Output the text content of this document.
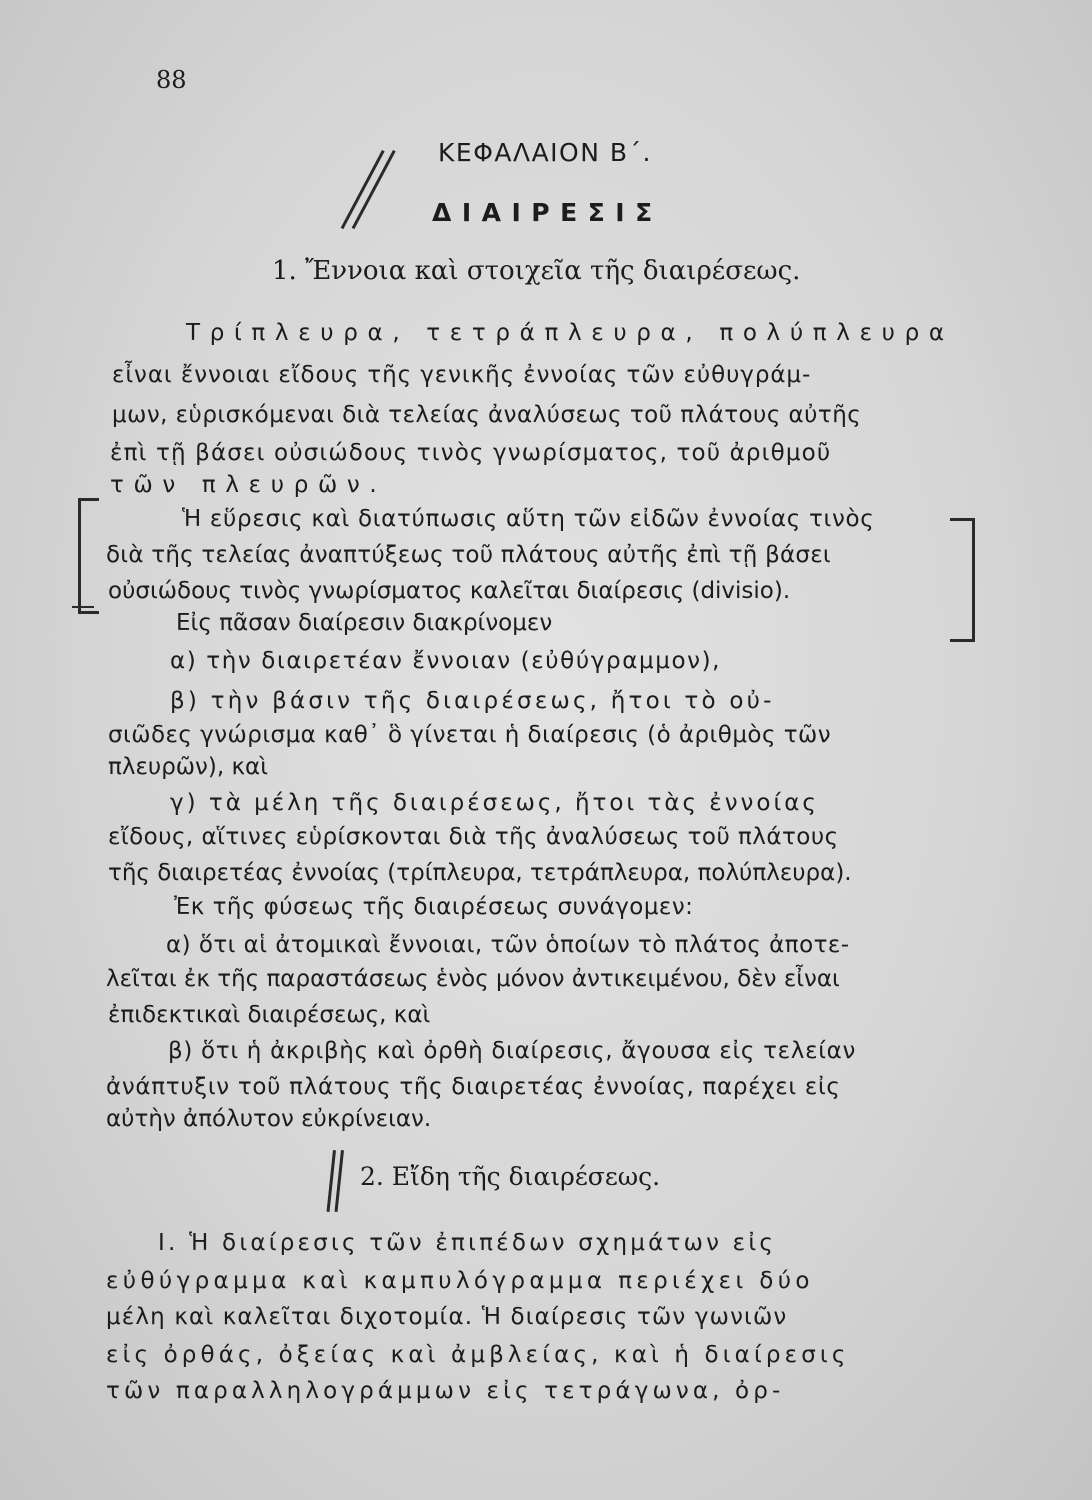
88
ΚΕΦΑΛΑΙΟΝ Β΄.
ΔΙΑΙΡΕΣΙΣ
1. Ἔννοια καὶ στοιχεῖα τῆς διαιρέσεως.
Τρίπλευρα, τετράπλευρα, πολύπλευρα
εἶναι ἔννοιαι εἴδους τῆς γενικῆς ἐννοίας τῶν εὐθυγράμ-
μων, εὑρισκόμεναι διὰ τελείας ἀναλύσεως τοῦ πλάτους αὐτῆς
ἐπὶ τῇ βάσει οὐσιώδους τινὸς γνωρίσματος, τοῦ ἀριθμοῦ
τῶν πλευρῶν.
Ἡ εὕρεσις καὶ διατύπωσις αὕτη τῶν εἰδῶν ἐννοίας τινὸς
διὰ τῆς τελείας ἀναπτύξεως τοῦ πλάτους αὐτῆς ἐπὶ τῇ βάσει
οὐσιώδους τινὸς γνωρίσματος καλεῖται διαίρεσις (divisio).
Εἰς πᾶσαν διαίρεσιν διακρίνομεν
α) τὴν διαιρετέαν ἔννοιαν (εὐθύγραμμον),
β) τὴν βάσιν τῆς διαιρέσεως, ἤτοι τὸ οὐ-
σιῶδες γνώρισμα καθ᾽ ὃ γίνεται ἡ διαίρεσις (ὁ ἀριθμὸς τῶν
πλευρῶν), καὶ
γ) τὰ μέλη τῆς διαιρέσεως, ἤτοι τὰς ἐννοίας
εἴδους, αἵτινες εὑρίσκονται διὰ τῆς ἀναλύσεως τοῦ πλάτους
τῆς διαιρετέας ἐννοίας (τρίπλευρα, τετράπλευρα, πολύπλευρα).
Ἐκ τῆς φύσεως τῆς διαιρέσεως συνάγομεν:
α) ὅτι αἱ ἀτομικαὶ ἔννοιαι, τῶν ὁποίων τὸ πλάτος ἀποτε-
λεῖται ἐκ τῆς παραστάσεως ἑνὸς μόνον ἀντικειμένου, δὲν εἶναι
ἐπιδεκτικαὶ διαιρέσεως, καὶ
β) ὅτι ἡ ἀκριβὴς καὶ ὀρθὴ διαίρεσις, ἄγουσα εἰς τελείαν
ἀνάπτυξιν τοῦ πλάτους τῆς διαιρετέας ἐννοίας, παρέχει εἰς
αὐτὴν ἀπόλυτον εὐκρίνειαν.
2. Εἴδη τῆς διαιρέσεως.
I. Ἡ διαίρεσις τῶν ἐπιπέδων σχημάτων εἰς
εὐθύγραμμα καὶ καμπυλόγραμμα περιέχει δύο
μέλη καὶ καλεῖται διχοτομία. Ἡ διαίρεσις τῶν γωνιῶν
εἰς ὀρθάς, ὀξείας καὶ ἀμβλείας, καὶ ἡ διαίρεσις
τῶν παραλληλογράμμων εἰς τετράγωνα, ὀρ-
